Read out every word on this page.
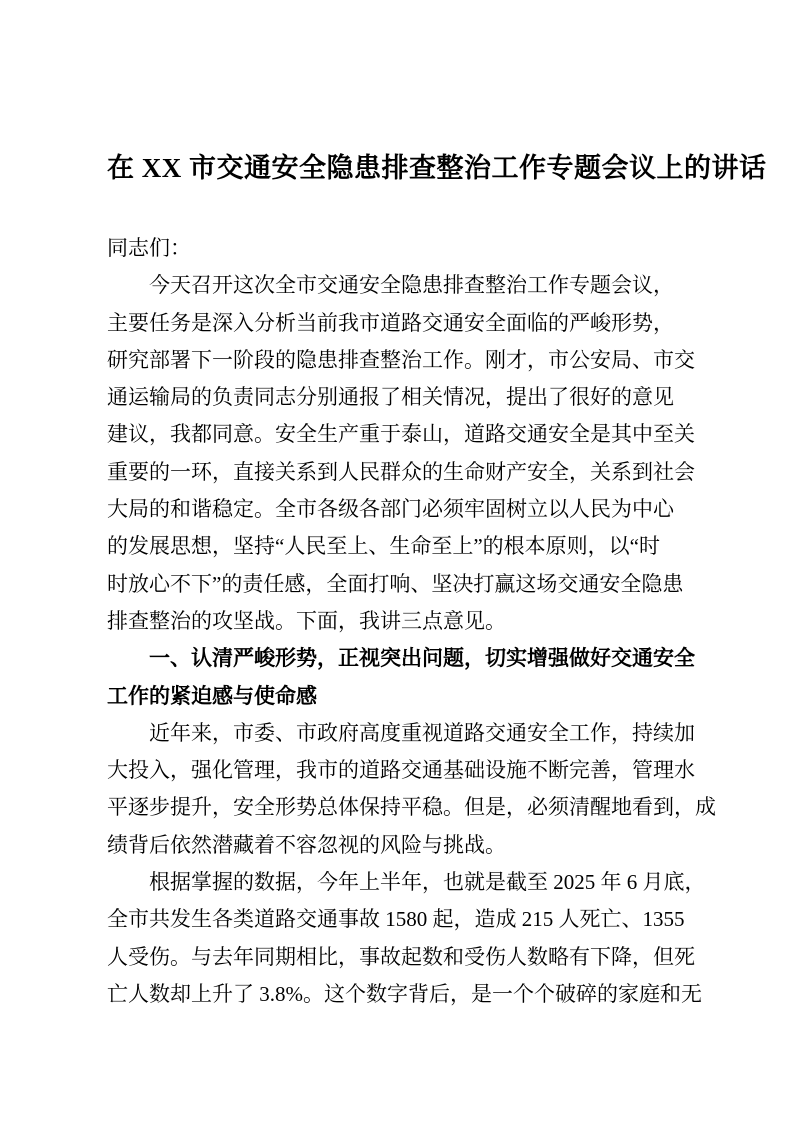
在 XX 市交通安全隐患排查整治工作专题会议上的讲话
同志们：
今天召开这次全市交通安全隐患排查整治工作专题会议，
主要任务是深入分析当前我市道路交通安全面临的严峻形势，
研究部署下一阶段的隐患排查整治工作。刚才，市公安局、市交
通运输局的负责同志分别通报了相关情况，提出了很好的意见
建议，我都同意。安全生产重于泰山，道路交通安全是其中至关
重要的一环，直接关系到人民群众的生命财产安全，关系到社会
大局的和谐稳定。全市各级各部门必须牢固树立以人民为中心
的发展思想，坚持“人民至上、生命至上”的根本原则，以“时
时放心不下”的责任感，全面打响、坚决打赢这场交通安全隐患
排查整治的攻坚战。下面，我讲三点意见。
一、认清严峻形势，正视突出问题，切实增强做好交通安全
工作的紧迫感与使命感
近年来，市委、市政府高度重视道路交通安全工作，持续加
大投入，强化管理，我市的道路交通基础设施不断完善，管理水
平逐步提升，安全形势总体保持平稳。但是，必须清醒地看到，成
绩背后依然潜藏着不容忽视的风险与挑战。
根据掌握的数据，今年上半年，也就是截至 2025 年 6 月底，
全市共发生各类道路交通事故 1580 起，造成 215 人死亡、1355
人受伤。与去年同期相比，事故起数和受伤人数略有下降，但死
亡人数却上升了 3.8%。这个数字背后，是一个个破碎的家庭和无
